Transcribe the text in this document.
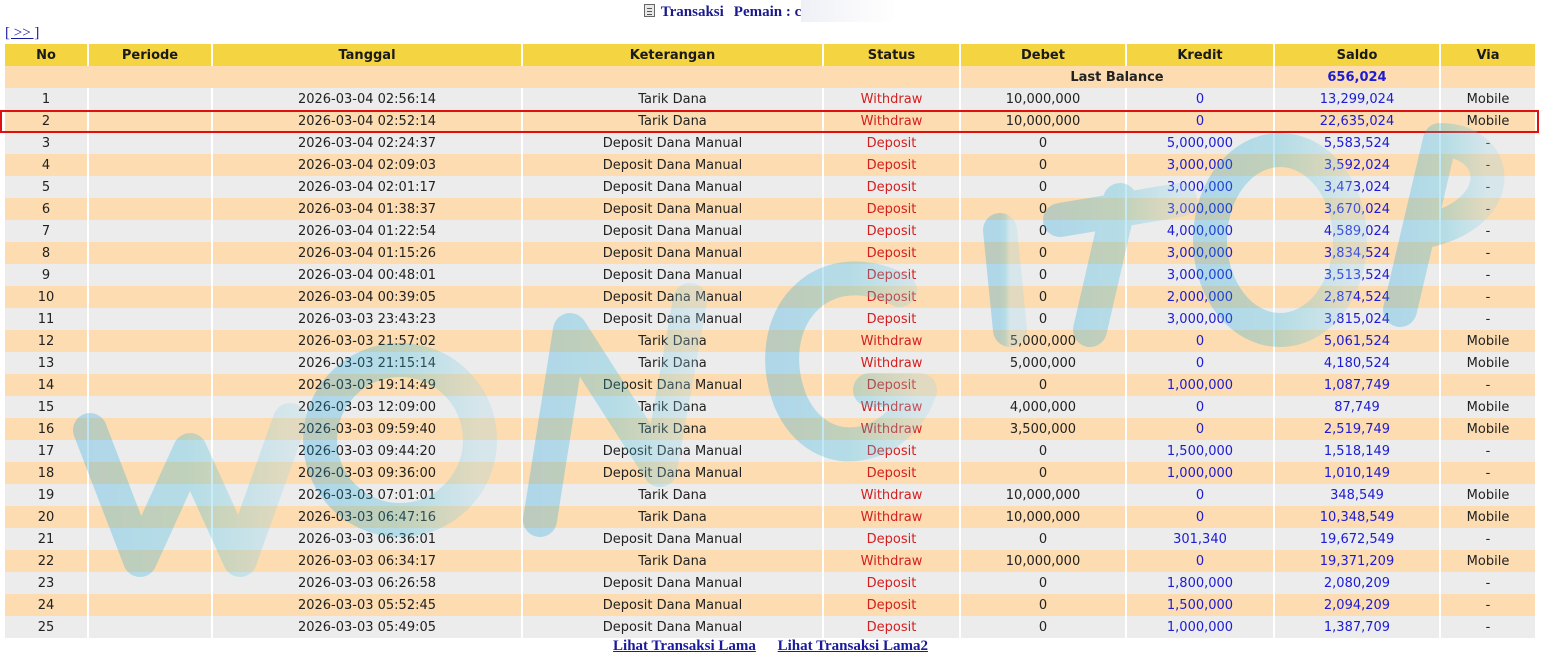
Transaksi Pemain : c
[ >> ]
No	Periode	Tanggal	Keterangan	Status	Debet	Kredit	Saldo	Via
					Last Balance		656,024	
1		2026-03-04 02:56:14	Tarik Dana	Withdraw	10,000,000	0	13,299,024	Mobile
2		2026-03-04 02:52:14	Tarik Dana	Withdraw	10,000,000	0	22,635,024	Mobile
3		2026-03-04 02:24:37	Deposit Dana Manual	Deposit	0	5,000,000	5,583,524	-
4		2026-03-04 02:09:03	Deposit Dana Manual	Deposit	0	3,000,000	3,592,024	-
5		2026-03-04 02:01:17	Deposit Dana Manual	Deposit	0	3,000,000	3,473,024	-
6		2026-03-04 01:38:37	Deposit Dana Manual	Deposit	0	3,000,000	3,670,024	-
7		2026-03-04 01:22:54	Deposit Dana Manual	Deposit	0	4,000,000	4,589,024	-
8		2026-03-04 01:15:26	Deposit Dana Manual	Deposit	0	3,000,000	3,834,524	-
9		2026-03-04 00:48:01	Deposit Dana Manual	Deposit	0	3,000,000	3,513,524	-
10		2026-03-04 00:39:05	Deposit Dana Manual	Deposit	0	2,000,000	2,874,524	-
11		2026-03-03 23:43:23	Deposit Dana Manual	Deposit	0	3,000,000	3,815,024	-
12		2026-03-03 21:57:02	Tarik Dana	Withdraw	5,000,000	0	5,061,524	Mobile
13		2026-03-03 21:15:14	Tarik Dana	Withdraw	5,000,000	0	4,180,524	Mobile
14		2026-03-03 19:14:49	Deposit Dana Manual	Deposit	0	1,000,000	1,087,749	-
15		2026-03-03 12:09:00	Tarik Dana	Withdraw	4,000,000	0	87,749	Mobile
16		2026-03-03 09:59:40	Tarik Dana	Withdraw	3,500,000	0	2,519,749	Mobile
17		2026-03-03 09:44:20	Deposit Dana Manual	Deposit	0	1,500,000	1,518,149	-
18		2026-03-03 09:36:00	Deposit Dana Manual	Deposit	0	1,000,000	1,010,149	-
19		2026-03-03 07:01:01	Tarik Dana	Withdraw	10,000,000	0	348,549	Mobile
20		2026-03-03 06:47:16	Tarik Dana	Withdraw	10,000,000	0	10,348,549	Mobile
21		2026-03-03 06:36:01	Deposit Dana Manual	Deposit	0	301,340	19,672,549	-
22		2026-03-03 06:34:17	Tarik Dana	Withdraw	10,000,000	0	19,371,209	Mobile
23		2026-03-03 06:26:58	Deposit Dana Manual	Deposit	0	1,800,000	2,080,209	-
24		2026-03-03 05:52:45	Deposit Dana Manual	Deposit	0	1,500,000	2,094,209	-
25		2026-03-03 05:49:05	Deposit Dana Manual	Deposit	0	1,000,000	1,387,709	-
Lihat Transaksi Lama Lihat Transaksi Lama2
